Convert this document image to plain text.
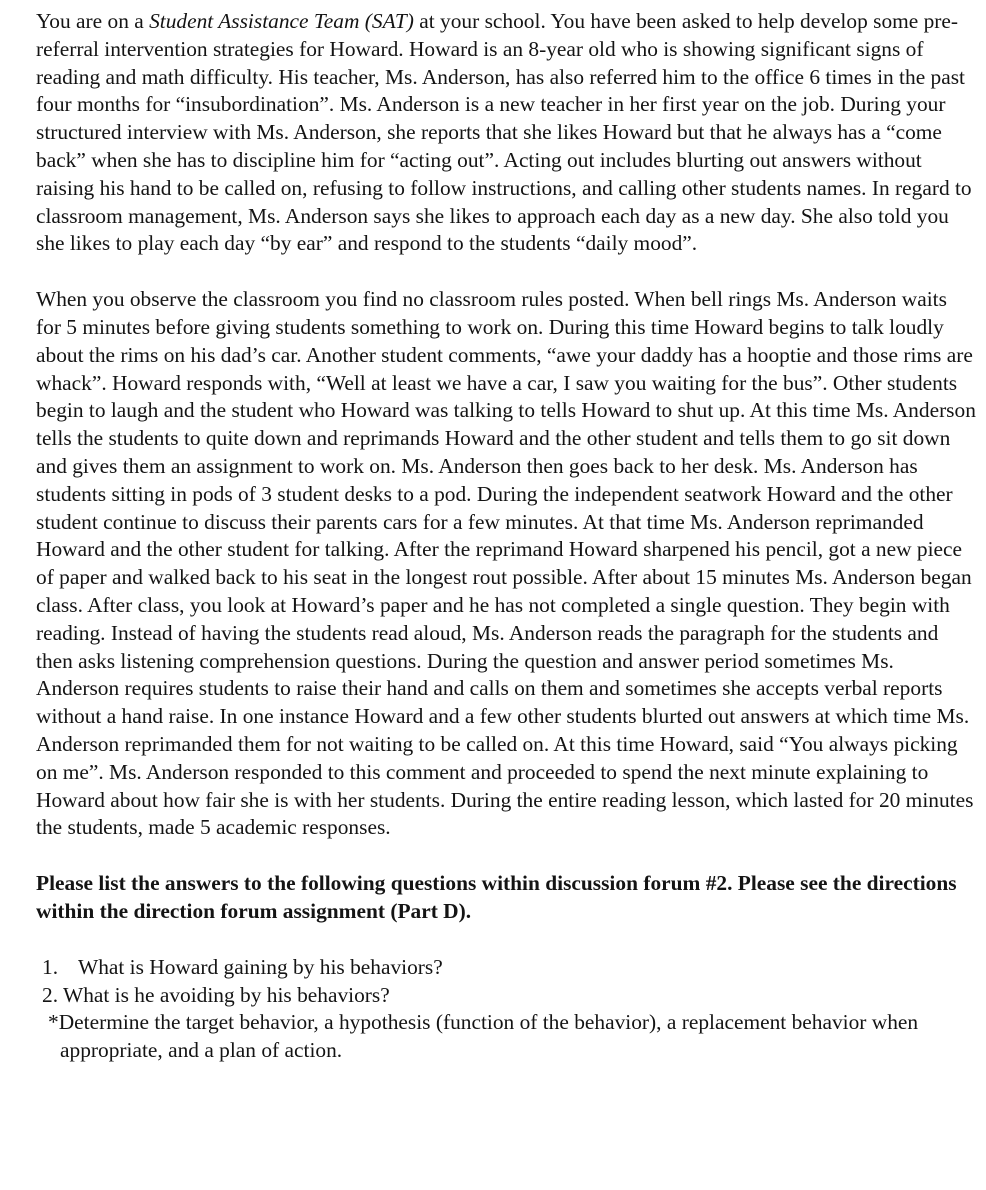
You are on a Student Assistance Team (SAT) at your school. You have been asked to help develop some pre-referral intervention strategies for Howard. Howard is an 8-year old who is showing significant signs of reading and math difficulty. His teacher, Ms. Anderson, has also referred him to the office 6 times in the past four months for “insubordination”. Ms. Anderson is a new teacher in her first year on the job. During your structured interview with Ms. Anderson, she reports that she likes Howard but that he always has a “come back” when she has to discipline him for “acting out”. Acting out includes blurting out answers without raising his hand to be called on, refusing to follow instructions, and calling other students names. In regard to classroom management, Ms. Anderson says she likes to approach each day as a new day. She also told you she likes to play each day “by ear” and respond to the students “daily mood”.

When you observe the classroom you find no classroom rules posted. When bell rings Ms. Anderson waits for 5 minutes before giving students something to work on. During this time Howard begins to talk loudly about the rims on his dad’s car. Another student comments, “awe your daddy has a hooptie and those rims are whack”. Howard responds with, “Well at least we have a car, I saw you waiting for the bus”. Other students begin to laugh and the student who Howard was talking to tells Howard to shut up. At this time Ms. Anderson tells the students to quite down and reprimands Howard and the other student and tells them to go sit down and gives them an assignment to work on. Ms. Anderson then goes back to her desk. Ms. Anderson has students sitting in pods of 3 student desks to a pod. During the independent seatwork Howard and the other student continue to discuss their parents cars for a few minutes. At that time Ms. Anderson reprimanded Howard and the other student for talking. After the reprimand Howard sharpened his pencil, got a new piece of paper and walked back to his seat in the longest rout possible. After about 15 minutes Ms. Anderson began class. After class, you look at Howard’s paper and he has not completed a single question. They begin with reading. Instead of having the students read aloud, Ms. Anderson reads the paragraph for the students and then asks listening comprehension questions. During the question and answer period sometimes Ms. Anderson requires students to raise their hand and calls on them and sometimes she accepts verbal reports without a hand raise. In one instance Howard and a few other students blurted out answers at which time Ms. Anderson reprimanded them for not waiting to be called on. At this time Howard, said “You always picking on me”. Ms. Anderson responded to this comment and proceeded to spend the next minute explaining to Howard about how fair she is with her students. During the entire reading lesson, which lasted for 20 minutes the students, made 5 academic responses.

Please list the answers to the following questions within discussion forum #2. Please see the directions within the direction forum assignment (Part D).

1. What is Howard gaining by his behaviors?
2. What is he avoiding by his behaviors?
*Determine the target behavior, a hypothesis (function of the behavior), a replacement behavior when appropriate, and a plan of action.
